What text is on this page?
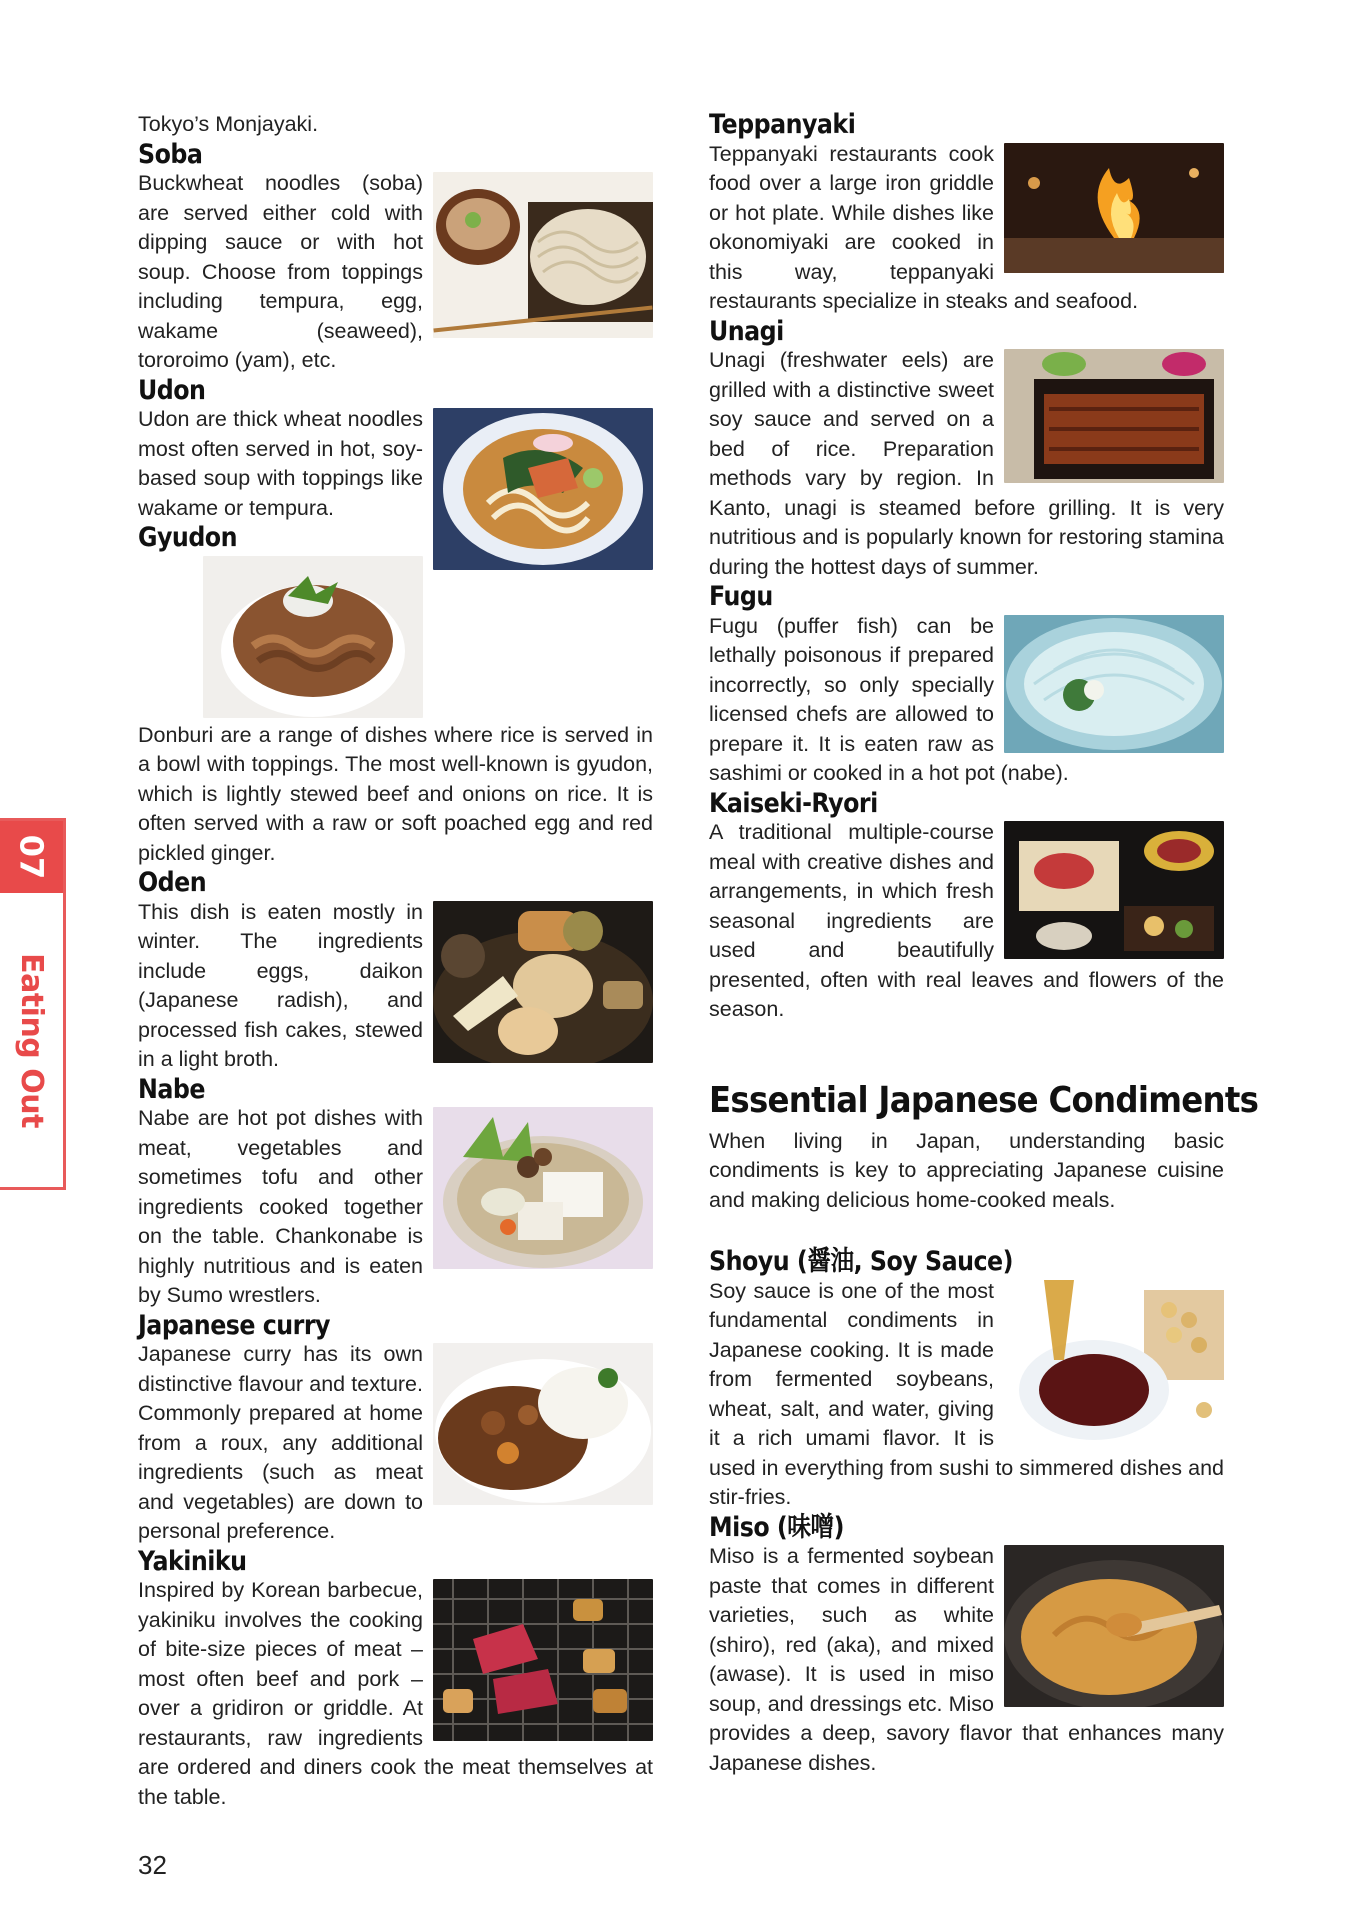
07
Eating Out

Tokyo’s Monjayaki.

Soba

Buckwheat noodles (soba) are served either cold with dipping sauce or with hot soup. Choose from toppings including tempura, egg, wakame (seaweed), tororoimo (yam), etc.

Udon

Udon are thick wheat noodles most often served in hot, soy-based soup with toppings like wakame or tempura.

Gyudon

Donburi are a range of dishes where rice is served in a bowl with toppings. The most well-known is gyudon, which is lightly stewed beef and onions on rice. It is often served with a raw or soft poached egg and red pickled ginger.

Oden

This dish is eaten mostly in winter. The ingredients include eggs, daikon (Japanese radish), and processed fish cakes, stewed in a light broth.

Nabe

Nabe are hot pot dishes with meat, vegetables and sometimes tofu and other ingredients cooked together on the table. Chankonabe is highly nutritious and is eaten by Sumo wrestlers.

Japanese curry

Japanese curry has its own distinctive flavour and texture. Commonly prepared at home from a roux, any additional ingredients (such as meat and vegetables) are down to personal preference.

Yakiniku

Inspired by Korean barbecue, yakiniku involves the cooking of bite-size pieces of meat – most often beef and pork – over a gridiron or griddle. At restaurants, raw ingredients are ordered and diners cook the meat themselves at the table.

Teppanyaki

Teppanyaki restaurants cook food over a large iron griddle or hot plate. While dishes like okonomiyaki are cooked in this way, teppanyaki restaurants specialize in steaks and seafood.

Unagi

Unagi (freshwater eels) are grilled with a distinctive sweet soy sauce and served on a bed of rice. Preparation methods vary by region. In Kanto, unagi is steamed before grilling. It is very nutritious and is popularly known for restoring stamina during the hottest days of summer.

Fugu

Fugu (puffer fish) can be lethally poisonous if prepared incorrectly, so only specially licensed chefs are allowed to prepare it. It is eaten raw as sashimi or cooked in a hot pot (nabe).

Kaiseki-Ryori

A traditional multiple-course meal with creative dishes and arrangements, in which fresh seasonal ingredients are used and beautifully presented, often with real leaves and flowers of the season.

Essential Japanese Condiments

When living in Japan, understanding basic condiments is key to appreciating Japanese cuisine and making delicious home-cooked meals.

Shoyu (醤油, Soy Sauce)

Soy sauce is one of the most fundamental condiments in Japanese cooking. It is made from fermented soybeans, wheat, salt, and water, giving it a rich umami flavor. It is used in everything from sushi to simmered dishes and stir-fries.

Miso (味噌)

Miso is a fermented soybean paste that comes in different varieties, such as white (shiro), red (aka), and mixed (awase). It is used in miso soup, and dressings etc. Miso provides a deep, savory flavor that enhances many Japanese dishes.

32
